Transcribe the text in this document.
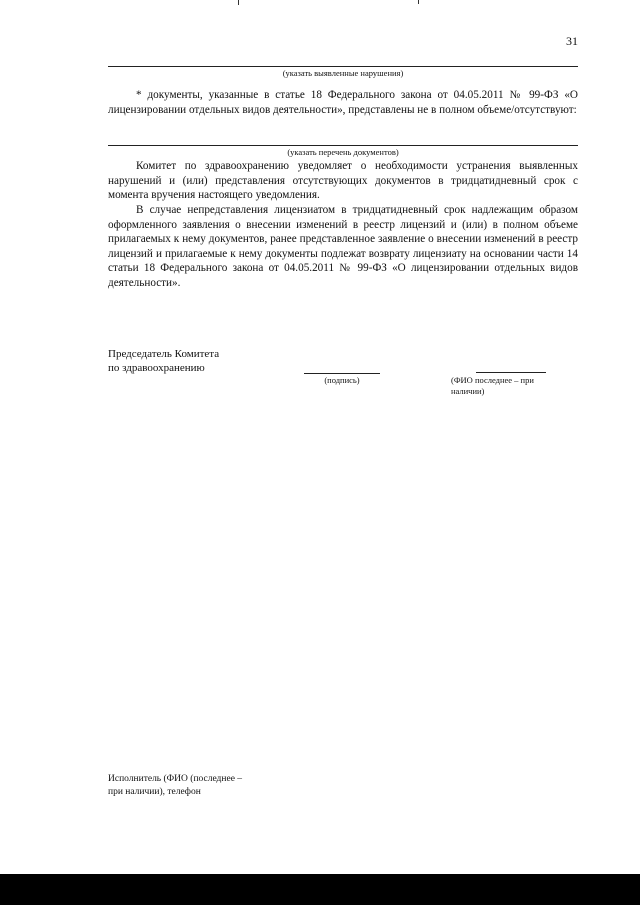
31
(указать выявленные нарушения)
* документы, указанные в статье 18 Федерального закона от 04.05.2011 № 99-ФЗ «О лицензировании отдельных видов деятельности», представлены не в полном объеме/отсутствуют:
(указать перечень документов)
Комитет по здравоохранению уведомляет о необходимости устранения выявленных нарушений и (или) представления отсутствующих документов в тридцатидневный срок с момента вручения настоящего уведомления.
В случае непредставления лицензиатом в тридцатидневный срок надлежащим образом оформленного заявления о внесении изменений в реестр лицензий и (или) в полном объеме прилагаемых к нему документов, ранее представленное заявление о внесении изменений в реестр лицензий и прилагаемые к нему документы подлежат возврату лицензиату на основании части 14 статьи 18 Федерального закона от 04.05.2011 № 99-ФЗ «О лицензировании отдельных видов деятельности».
Председатель Комитета
по здравоохранению
(подпись)	(ФИО последнее – при наличии)
Исполнитель (ФИО (последнее –
при наличии), телефон
